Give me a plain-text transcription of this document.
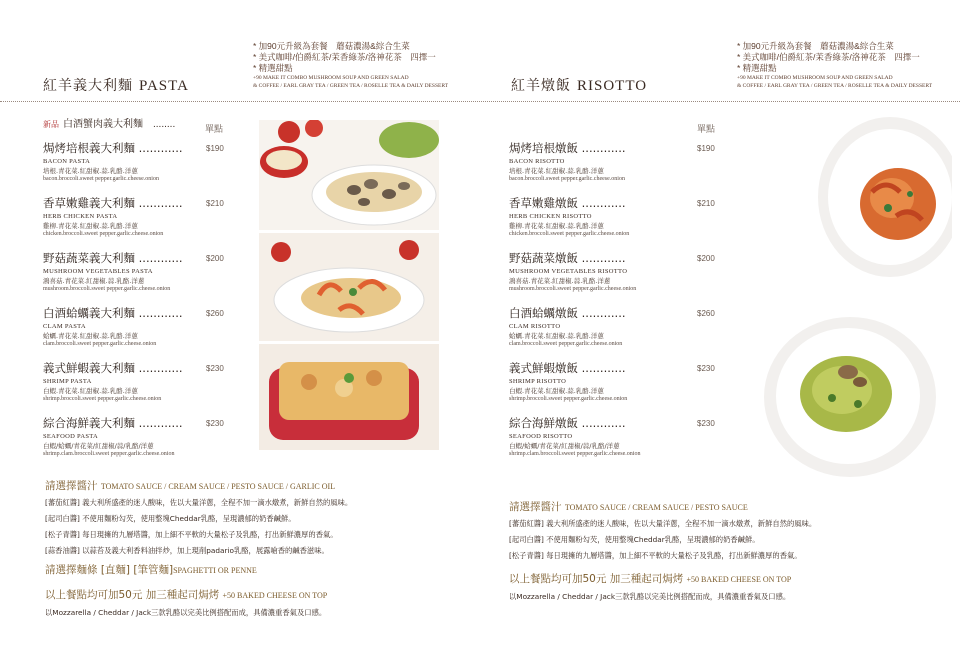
* 加90元升級為套餐　蘑菇濃湯&綜合生菜
* 美式咖啡/伯爵紅茶/茉香綠茶/洛神花茶　四擇一
* 精選甜點
+90 MAKE IT COMBO MUSHROOM SOUP AND GREEN SALAD
& COFFEE / EARL GRAY TEA / GREEN TEA / ROSELLE TEA & DAILY DESSERT
* 加90元升級為套餐　蘑菇濃湯&綜合生菜
* 美式咖啡/伯爵紅茶/茉香綠茶/洛神花茶　四擇一
* 精選甜點
+90 MAKE IT COMBO MUSHROOM SOUP AND GREEN SALAD
& COFFEE / EARL GRAY TEA / GREEN TEA / ROSELLE TEA & DAILY DESSERT
紅羊義大利麵 PASTA	紅羊燉飯 RISOTTO
新品 白酒蟹肉義大利麵　........	單點
焗烤培根義大利麵 ............
BACON PASTA
培根.青花菜.紅甜椒.蒜.乳酪.洋蔥
bacon.broccoli.sweet pepper.garlic.cheese.onion
$190
香草嫩雞義大利麵 ............
HERB CHICKEN PASTA
雞柳.青花菜.紅甜椒.蒜.乳酪.洋蔥
chicken.broccoli.sweet pepper.garlic.cheese.onion
$210
野菇蔬菜義大利麵 ............
MUSHROOM VEGETABLES PASTA
鴻喜菇.青花菜.紅甜椒.蒜.乳酪.洋蔥
mushroom.broccoli.sweet pepper.garlic.cheese.onion
$200
白酒蛤蠣義大利麵 ............
CLAM PASTA
蛤蠣.青花菜.紅甜椒.蒜.乳酪.洋蔥
clam.broccoli.sweet pepper.garlic.cheese.onion
$260
義式鮮蝦義大利麵 ............
SHRIMP PASTA
白蝦.青花菜.紅甜椒.蒜.乳酪.洋蔥
shrimp.broccoli.sweet pepper.garlic.cheese.onion
$230
綜合海鮮義大利麵 ............
SEAFOOD PASTA
白蝦/蛤蠣/青花菜/紅甜椒/蒜/乳酪/洋蔥
shrimp.clam.broccoli.sweet pepper.garlic.cheese.onion
$230
單點
焗烤培根燉飯 ............
BACON RISOTTO
培根.青花菜.紅甜椒.蒜.乳酪.洋蔥
bacon.broccoli.sweet pepper.garlic.cheese.onion
$190
香草嫩雞燉飯 ............
HERB CHICKEN RISOTTO
雞柳.青花菜.紅甜椒.蒜.乳酪.洋蔥
chicken.broccoli.sweet pepper.garlic.cheese.onion
$210
野菇蔬菜燉飯 ............
MUSHROOM VEGETABLES RISOTTO
鴻喜菇.青花菜.紅甜椒.蒜.乳酪.洋蔥
mushroom.broccoli.sweet pepper.garlic.cheese.onion
$200
白酒蛤蠣燉飯 ............
CLAM RISOTTO
蛤蠣.青花菜.紅甜椒.蒜.乳酪.洋蔥
clam.broccoli.sweet pepper.garlic.cheese.onion
$260
義式鮮蝦燉飯 ............
SHRIMP RISOTTO
白蝦.青花菜.紅甜椒.蒜.乳酪.洋蔥
shrimp.broccoli.sweet pepper.garlic.cheese.onion
$230
綜合海鮮燉飯 ............
SEAFOOD RISOTTO
白蝦/蛤蠣/青花菜/紅甜椒/蒜/乳酪/洋蔥
shrimp.clam.broccoli.sweet pepper.garlic.cheese.onion
$230
請選擇醬汁 TOMATO SAUCE / CREAM SAUCE / PESTO SAUCE / GARLIC OIL
[蕃茄紅醬] 義大利所盛產的迷人酸味，佐以大量洋蔥，全程不加一滴水燉煮，新鮮自然的風味。
[起司白醬] 不使用麵粉勾芡，使用整塊Cheddar乳酪，呈現濃郁的奶香鹹鮮。
[松子青醬] 每日現擁的九層塔醬，加上細不平軟的大量松子及乳酪，打出新鮮濃厚的香氣。
[蒜香油醬] 以蒜苔及義大利香料油拌炒，加上現削padario乳酪，展露嗆香的鹹香滋味。
請選擇麵條 [直麵] [筆管麵]SPAGHETTI OR PENNE
以上餐點均可加50元 加三種起司焗烤 +50 BAKED CHEESE ON TOP
以Mozzarella / Cheddar / Jack三款乳酪以完美比例搭配而成，具備濃重香氣及口感。
請選擇醬汁 TOMATO SAUCE / CREAM SAUCE / PESTO SAUCE
[蕃茄紅醬] 義大利所盛產的迷人酸味，佐以大量洋蔥，全程不加一滴水燉煮，新鮮自然的風味。
[起司白醬] 不使用麵粉勾芡，使用整塊Cheddar乳酪，呈現濃郁的奶香鹹鮮。
[松子青醬] 每日現擁的九層塔醬，加上細不平軟的大量松子及乳酪，打出新鮮濃厚的香氣。
以上餐點均可加50元 加三種起司焗烤 +50 BAKED CHEESE ON TOP
以Mozzarella / Cheddar / Jack三款乳酪以完美比例搭配而成，具備濃重香氣及口感。
